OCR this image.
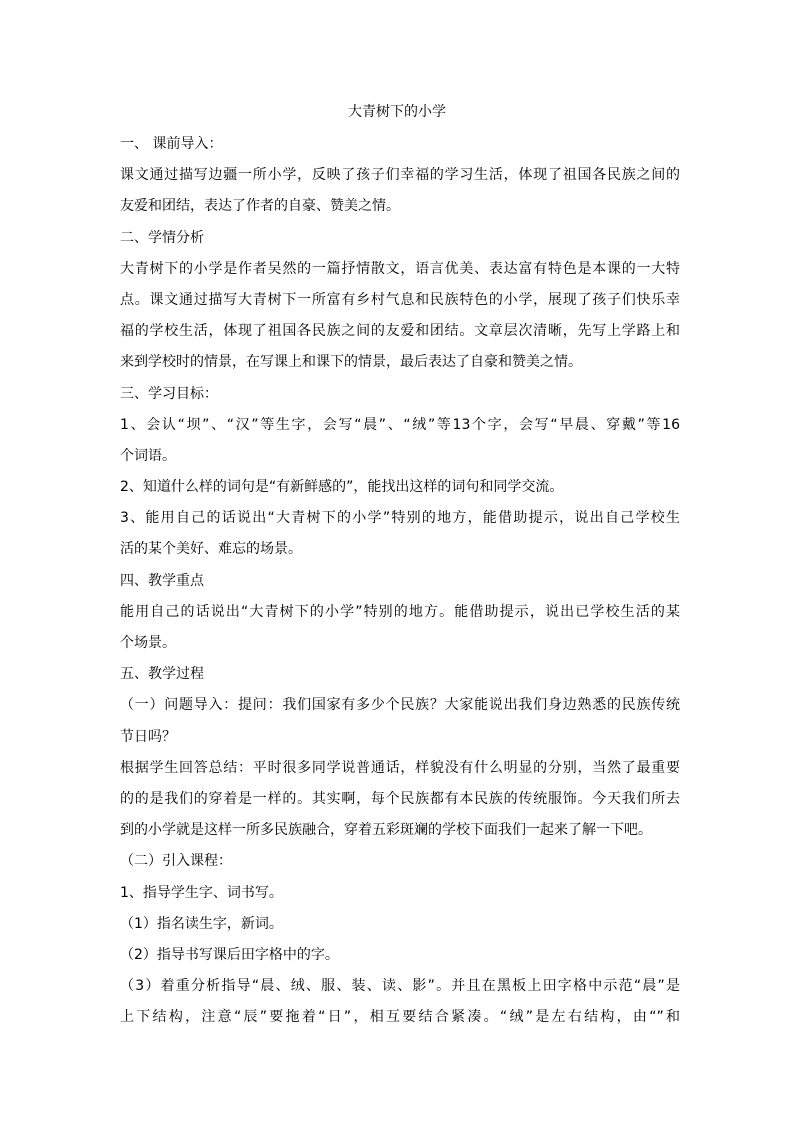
大青树下的小学
一、 课前导入：
课文通过描写边疆一所小学，反映了孩子们幸福的学习生活，体现了祖国各民族之间的
友爱和团结，表达了作者的自豪、赞美之情。
二、学情分析
大青树下的小学是作者吴然的一篇抒情散文，语言优美、表达富有特色是本课的一大特
点。课文通过描写大青树下一所富有乡村气息和民族特色的小学，展现了孩子们快乐幸
福的学校生活，体现了祖国各民族之间的友爱和团结。文章层次清晰，先写上学路上和
来到学校时的情景，在写课上和课下的情景，最后表达了自豪和赞美之情。
三、学习目标：
1、会认“坝”、“汉”等生字，会写“晨”、“绒”等13个字，会写“早晨、穿戴”等16
个词语。
2、知道什么样的词句是“有新鲜感的”，能找出这样的词句和同学交流。
3、能用自己的话说出“大青树下的小学”特别的地方，能借助提示，说出自己学校生
活的某个美好、难忘的场景。
四、教学重点
能用自己的话说出“大青树下的小学”特别的地方。能借助提示，说出已学校生活的某
个场景。
五、教学过程
（一）问题导入：提问：我们国家有多少个民族？大家能说出我们身边熟悉的民族传统
节日吗？
根据学生回答总结：平时很多同学说普通话，样貌没有什么明显的分别，当然了最重要
的的是我们的穿着是一样的。其实啊，每个民族都有本民族的传统服饰。今天我们所去
到的小学就是这样一所多民族融合，穿着五彩斑斓的学校下面我们一起来了解一下吧。
（二）引入课程：
1、指导学生字、词书写。
（1）指名读生字，新词。
（2）指导书写课后田字格中的字。
（3）着重分析指导“晨、绒、服、装、读、影”。并且在黑板上田字格中示范“晨”是
上下结构，注意“辰”要拖着“日”，相互要结合紧凑。“绒”是左右结构，由“”和
